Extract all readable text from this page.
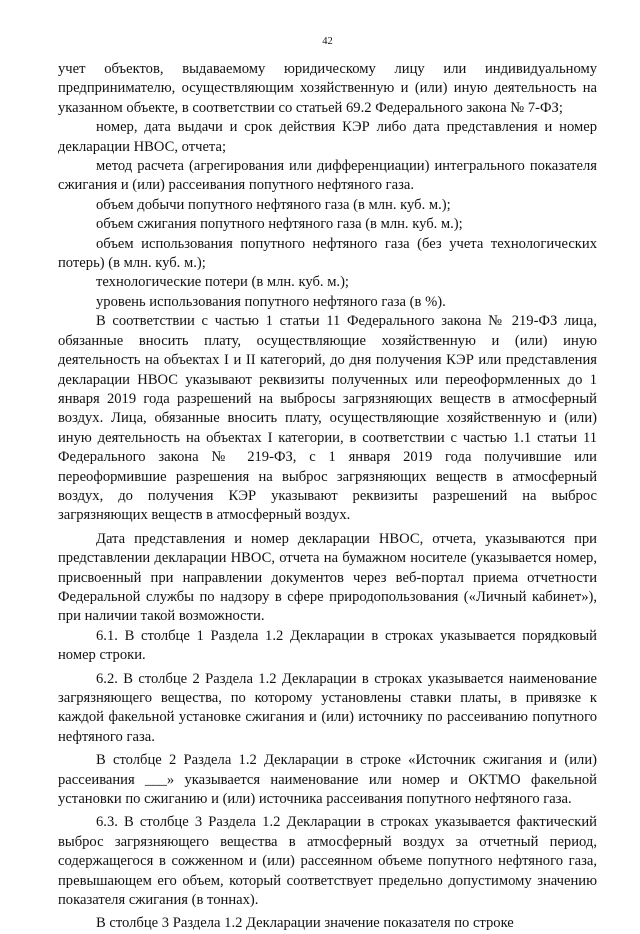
42

учет объектов, выдаваемому юридическому лицу или индивидуальному предпринимателю, осуществляющим хозяйственную и (или) иную деятельность на указанном объекте, в соответствии со статьей 69.2 Федерального закона № 7-ФЗ;

номер, дата выдачи и срок действия КЭР либо дата представления и номер декларации НВОС, отчета;

метод расчета (агрегирования или дифференциации) интегрального показателя сжигания и (или) рассеивания попутного нефтяного газа.

объем добычи попутного нефтяного газа (в млн. куб. м.);

объем сжигания попутного нефтяного газа (в млн. куб. м.);

объем использования попутного нефтяного газа (без учета технологических потерь) (в млн. куб. м.);

технологические потери (в млн. куб. м.);

уровень использования попутного нефтяного газа (в %).

В соответствии с частью 1 статьи 11 Федерального закона № 219-ФЗ лица, обязанные вносить плату, осуществляющие хозяйственную и (или) иную деятельность на объектах I и II категорий, до дня получения КЭР или представления декларации НВОС указывают реквизиты полученных или переоформленных до 1 января 2019 года разрешений на выбросы загрязняющих веществ в атмосферный воздух. Лица, обязанные вносить плату, осуществляющие хозяйственную и (или) иную деятельность на объектах I категории, в соответствии с частью 1.1 статьи 11 Федерального закона № 219-ФЗ, с 1 января 2019 года получившие или переоформившие разрешения на выброс загрязняющих веществ в атмосферный воздух, до получения КЭР указывают реквизиты разрешений на выброс загрязняющих веществ в атмосферный воздух.

Дата представления и номер декларации НВОС, отчета, указываются при представлении декларации НВОС, отчета на бумажном носителе (указывается номер, присвоенный при направлении документов через веб-портал приема отчетности Федеральной службы по надзору в сфере природопользования («Личный кабинет»), при наличии такой возможности.

6.1. В столбце 1 Раздела 1.2 Декларации в строках указывается порядковый номер строки.

6.2. В столбце 2 Раздела 1.2 Декларации в строках указывается наименование загрязняющего вещества, по которому установлены ставки платы, в привязке к каждой факельной установке сжигания и (или) источнику по рассеиванию попутного нефтяного газа.

В столбце 2 Раздела 1.2 Декларации в строке «Источник сжигания и (или) рассеивания ___» указывается наименование или номер и ОКТМО факельной установки по сжиганию и (или) источника рассеивания попутного нефтяного газа.

6.3. В столбце 3 Раздела 1.2 Декларации в строках указывается фактический выброс загрязняющего вещества в атмосферный воздух за отчетный период, содержащегося в сожженном и (или) рассеянном объеме попутного нефтяного газа, превышающем его объем, который соответствует предельно допустимому значению показателя сжигания (в тоннах).

В столбце 3 Раздела 1.2 Декларации значение показателя по строке
